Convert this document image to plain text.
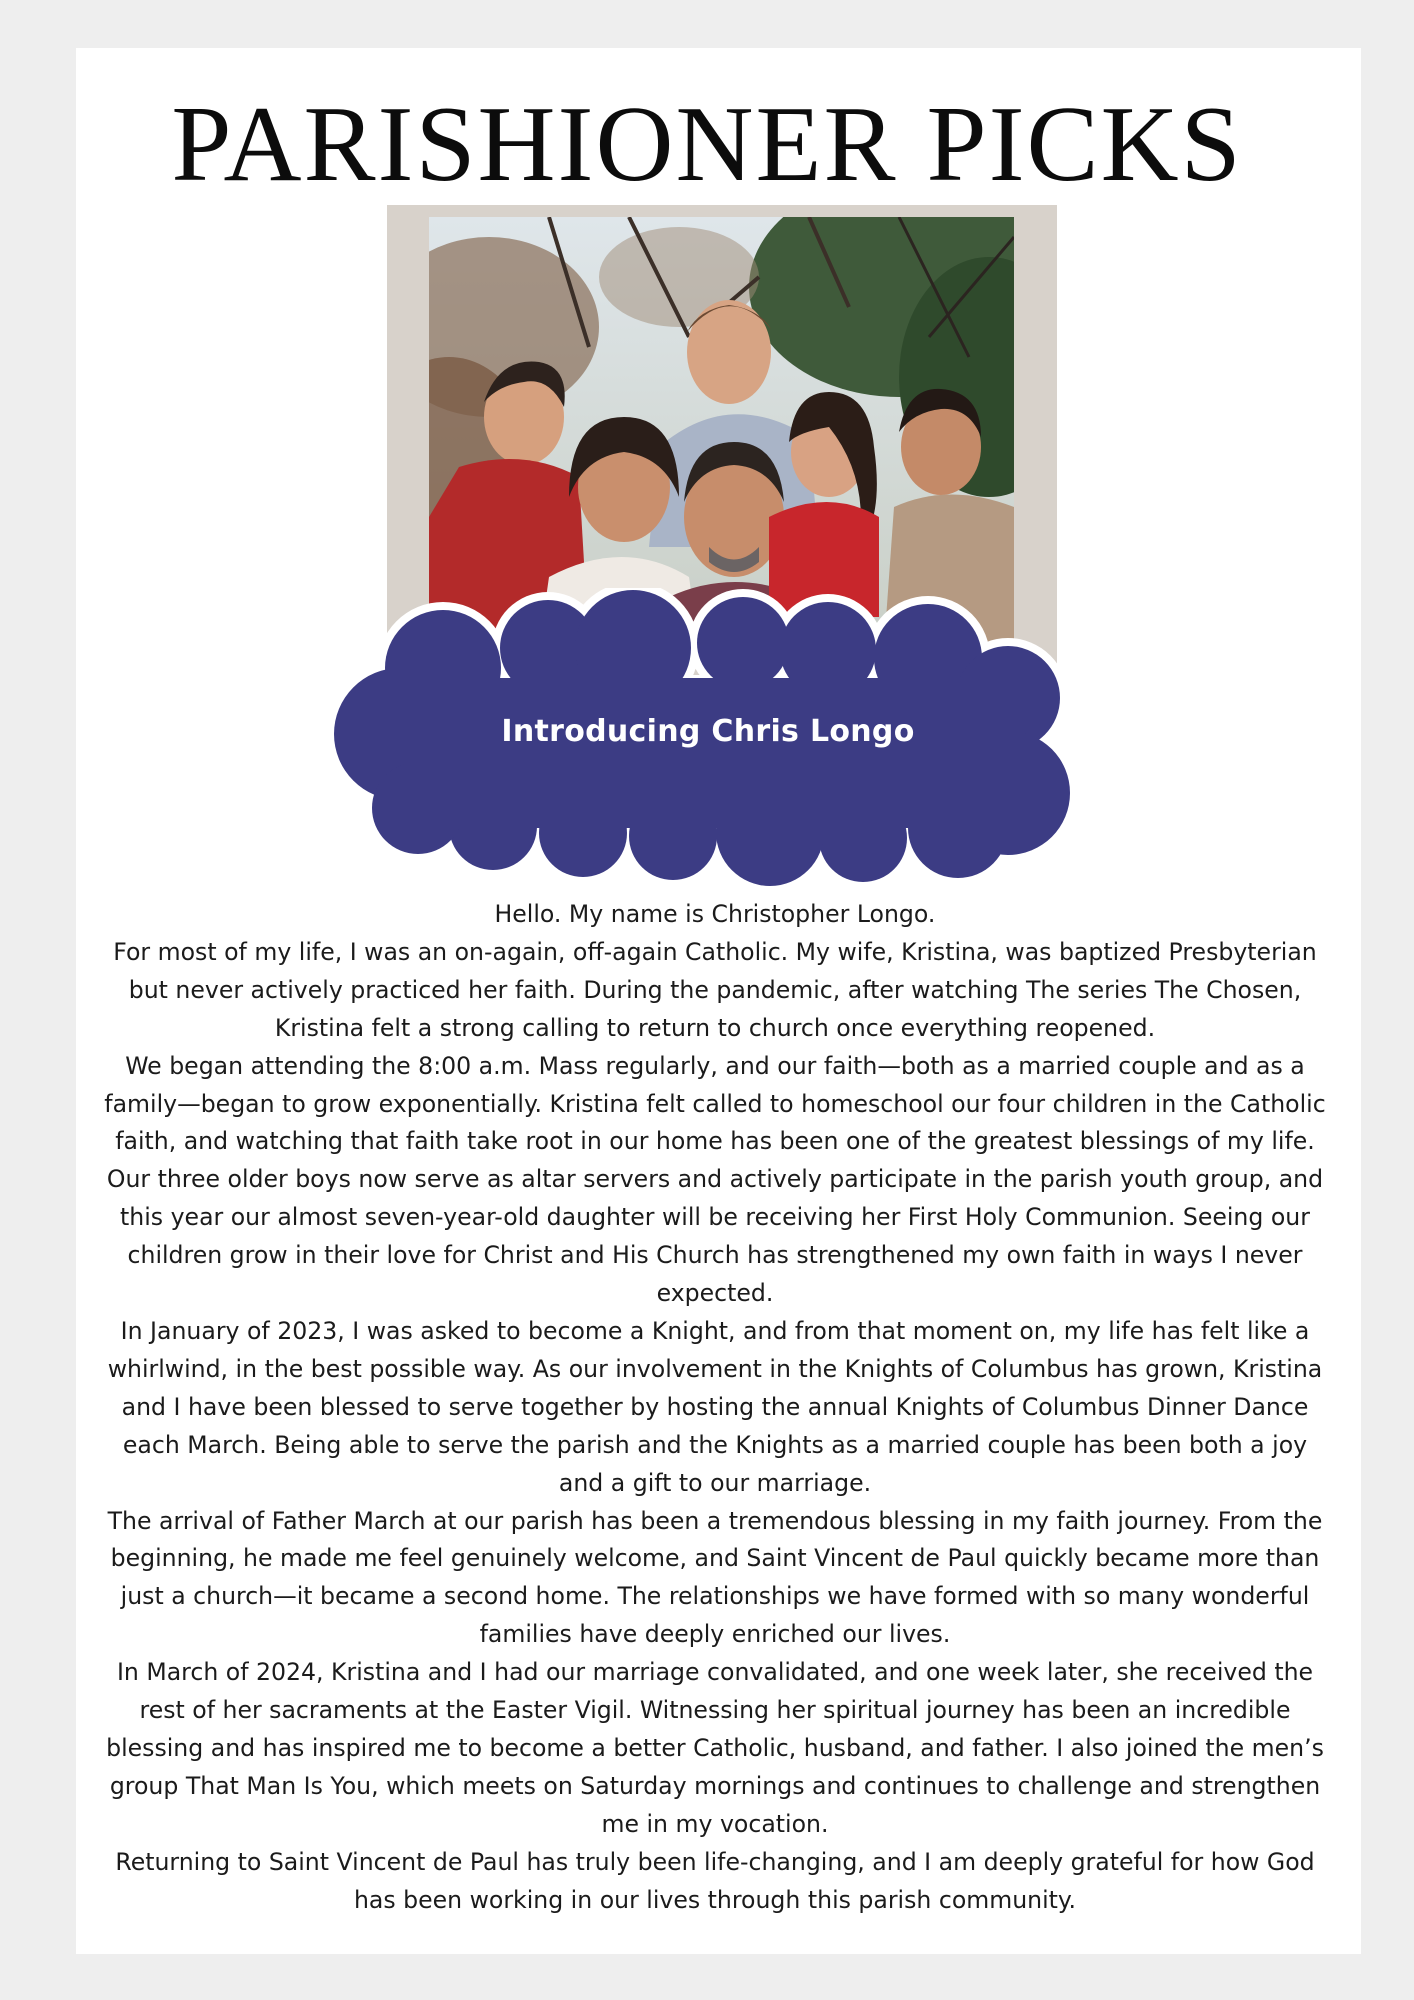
PARISHIONER PICKS
Introducing Chris Longo

Hello. My name is Christopher Longo.

For most of my life, I was an on-again, off-again Catholic. My wife, Kristina, was baptized Presbyterian but never actively practiced her faith. During the pandemic, after watching The series The Chosen, Kristina felt a strong calling to return to church once everything reopened.

We began attending the 8:00 a.m. Mass regularly, and our faith—both as a married couple and as a family—began to grow exponentially. Kristina felt called to homeschool our four children in the Catholic faith, and watching that faith take root in our home has been one of the greatest blessings of my life. Our three older boys now serve as altar servers and actively participate in the parish youth group, and this year our almost seven-year-old daughter will be receiving her First Holy Communion. Seeing our children grow in their love for Christ and His Church has strengthened my own faith in ways I never expected.

In January of 2023, I was asked to become a Knight, and from that moment on, my life has felt like a whirlwind, in the best possible way. As our involvement in the Knights of Columbus has grown, Kristina and I have been blessed to serve together by hosting the annual Knights of Columbus Dinner Dance each March. Being able to serve the parish and the Knights as a married couple has been both a joy and a gift to our marriage.

The arrival of Father March at our parish has been a tremendous blessing in my faith journey. From the beginning, he made me feel genuinely welcome, and Saint Vincent de Paul quickly became more than just a church—it became a second home. The relationships we have formed with so many wonderful families have deeply enriched our lives.

In March of 2024, Kristina and I had our marriage convalidated, and one week later, she received the rest of her sacraments at the Easter Vigil. Witnessing her spiritual journey has been an incredible blessing and has inspired me to become a better Catholic, husband, and father. I also joined the men’s group That Man Is You, which meets on Saturday mornings and continues to challenge and strengthen me in my vocation.

Returning to Saint Vincent de Paul has truly been life-changing, and I am deeply grateful for how God has been working in our lives through this parish community.
